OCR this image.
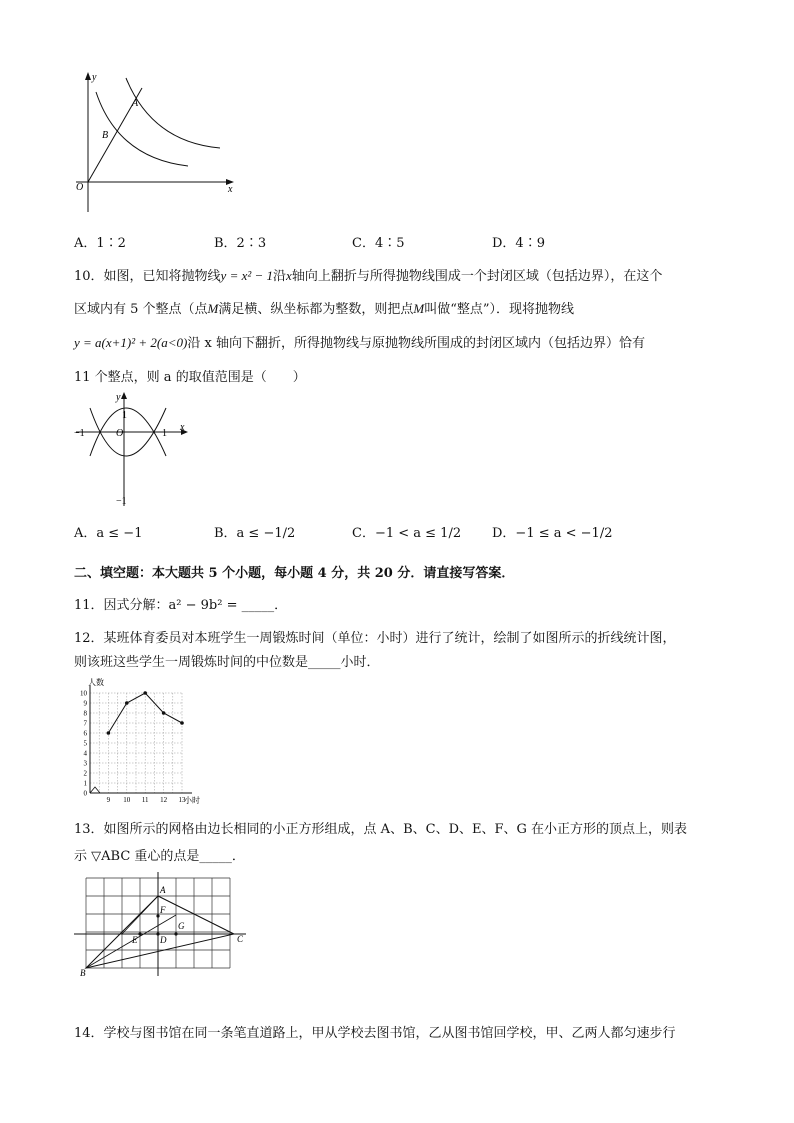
y
A
B
O	x
A．1∶2	B．2∶3	C．4∶5	D．4∶9
10．如图，已知将抛物线y = x² − 1沿x轴向上翻折与所得抛物线围成一个封闭区域（包括边界），在这个
区域内有 5 个整点（点M满足横、纵坐标都为整数，则把点M叫做“整点”）．现将抛物线
y = a(x+1)² + 2(a<0)沿 x 轴向下翻折，所得抛物线与原抛物线所围成的封闭区域内（包括边界）恰有
11 个整点，则 a 的取值范围是（　　）
y
1
−1	O	1
x
−1
A．a ≤ −1	B．a ≤ −1/2	C．−1 < a ≤ 1/2 D．−1 ≤ a < −1/2
二、填空题：本大题共 5 个小题，每小题 4 分，共 20 分．请直接写答案．
11．因式分解：a² − 9b² = _____．
12．某班体育委员对本班学生一周锻炼时间（单位：小时）进行了统计，绘制了如图所示的折线统计图，
则该班这些学生一周锻炼时间的中位数是_____小时．
0
1
2
3
4
5
6
7
8
9
10
9 10 11 12 13
人数
小时
13．如图所示的网格由边长相同的小正方形组成，点 A、B、C、D、E、F、G 在小正方形的顶点上，则表
示 ▽ABC 重心的点是_____．
A
F
G
E	D	C
B
14．学校与图书馆在同一条笔直道路上，甲从学校去图书馆，乙从图书馆回学校，甲、乙两人都匀速步行
